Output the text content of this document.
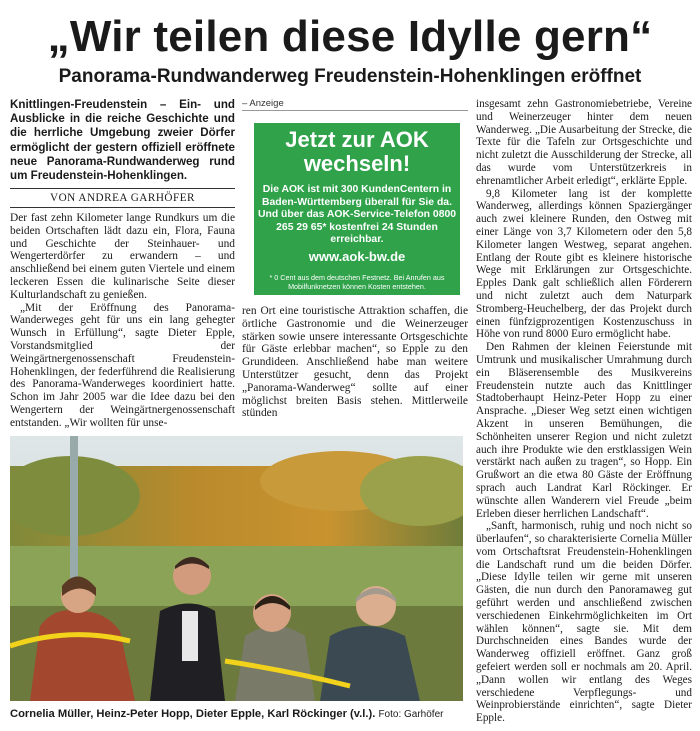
„Wir teilen diese Idylle gern“
Panorama-Rundwanderweg Freudenstein-Hohenklingen eröffnet
Knittlingen-Freudenstein – Ein- und Ausblicke in die reiche Geschichte und die herrliche Umgebung zweier Dörfer ermöglicht der gestern offiziell eröffnete neue Panorama-Rundwanderweg rund um Freudenstein-Hohenklingen.
VON ANDREA GARHÖFER

Der fast zehn Kilometer lange Rundkurs um die beiden Ortschaften lädt dazu ein, Flora, Fauna und Geschichte der Steinhauer- und Wengerterdörfer zu erwandern – und anschließend bei einem guten Viertele und einem leckeren Essen die kulinarische Seite dieser Kulturlandschaft zu genießen.

„Mit der Eröffnung des Panorama-Wanderweges geht für uns ein lang gehegter Wunsch in Erfüllung“, sagte Dieter Epple, Vorstandsmitglied der Weingärtnergenossenschaft Freudenstein-Hohenklingen, der federführend die Realisierung des Panorama-Wanderweges koordiniert hatte. Schon im Jahr 2005 war die Idee dazu bei den Wengertern der Weingärtnergenossenschaft entstanden. „Wir wollten für unse-

– Anzeige
Jetzt zur AOK
wechseln!
Die AOK ist mit 300 KundenCentern in Baden-Württemberg überall für Sie da. Und über das AOK-Service-Telefon 0800 265 29 65* kostenfrei 24 Stunden erreichbar.
www.aok-bw.de
* 0 Cent aus dem deutschen Festnetz. Bei Anrufen aus Mobilfunknetzen können Kosten entstehen.

ren Ort eine touristische Attraktion schaffen, die örtliche Gastronomie und die Weinerzeuger stärken sowie unsere interessante Ortsgeschichte für Gäste erlebbar machen“, so Epple zu den Grundideen. Anschließend habe man weitere Unterstützer gesucht, denn das Projekt „Panorama-Wanderweg“ sollte auf einer möglichst breiten Basis stehen. Mittlerweile stünden

insgesamt zehn Gastronomiebetriebe, Vereine und Weinerzeuger hinter dem neuen Wanderweg. „Die Ausarbeitung der Strecke, die Texte für die Tafeln zur Ortsgeschichte und nicht zuletzt die Ausschilderung der Strecke, all das wurde vom Unterstützerkreis in ehrenamtlicher Arbeit erledigt“, erklärte Epple.

9,8 Kilometer lang ist der komplette Wanderweg, allerdings können Spaziergänger auch zwei kleinere Runden, den Ostweg mit einer Länge von 3,7 Kilometern oder den 5,8 Kilometer langen Westweg, separat angehen. Entlang der Route gibt es kleinere historische Wege mit Erklärungen zur Ortsgeschichte. Epples Dank galt schließlich allen Förderern und nicht zuletzt auch dem Naturpark Stromberg-Heuchelberg, der das Projekt durch einen fünfzigprozentigen Kostenzuschuss in Höhe von rund 8000 Euro ermöglicht habe.

Den Rahmen der kleinen Feierstunde mit Umtrunk und musikalischer Umrahmung durch ein Bläserensemble des Musikvereins Freudenstein nutzte auch das Knittlinger Stadtoberhaupt Heinz-Peter Hopp zu einer Ansprache. „Dieser Weg setzt einen wichtigen Akzent in unseren Bemühungen, die Schönheiten unserer Region und nicht zuletzt auch ihre Produkte wie den erstklassigen Wein verstärkt nach außen zu tragen“, so Hopp. Ein Grußwort an die etwa 80 Gäste der Eröffnung sprach auch Landrat Karl Röckinger. Er wünschte allen Wanderern viel Freude „beim Erleben dieser herrlichen Landschaft“.

„Sanft, harmonisch, ruhig und noch nicht so überlaufen“, so charakterisierte Cornelia Müller vom Ortschaftsrat Freudenstein-Hohenklingen die Landschaft rund um die beiden Dörfer. „Diese Idylle teilen wir gerne mit unseren Gästen, die nun durch den Panoramaweg gut geführt werden und anschließend zwischen verschiedenen Einkehrmöglichkeiten im Ort wählen können“, sagte sie. Mit dem Durchschneiden eines Bandes wurde der Wanderweg offiziell eröffnet. Ganz groß gefeiert werden soll er nochmals am 20. April. „Dann wollen wir entlang des Weges verschiedene Verpflegungs- und Weinprobierstände einrichten“, sagte Dieter Epple.

Cornelia Müller, Heinz-Peter Hopp, Dieter Epple, Karl Röckinger (v.l.). Foto: Garhöfer
